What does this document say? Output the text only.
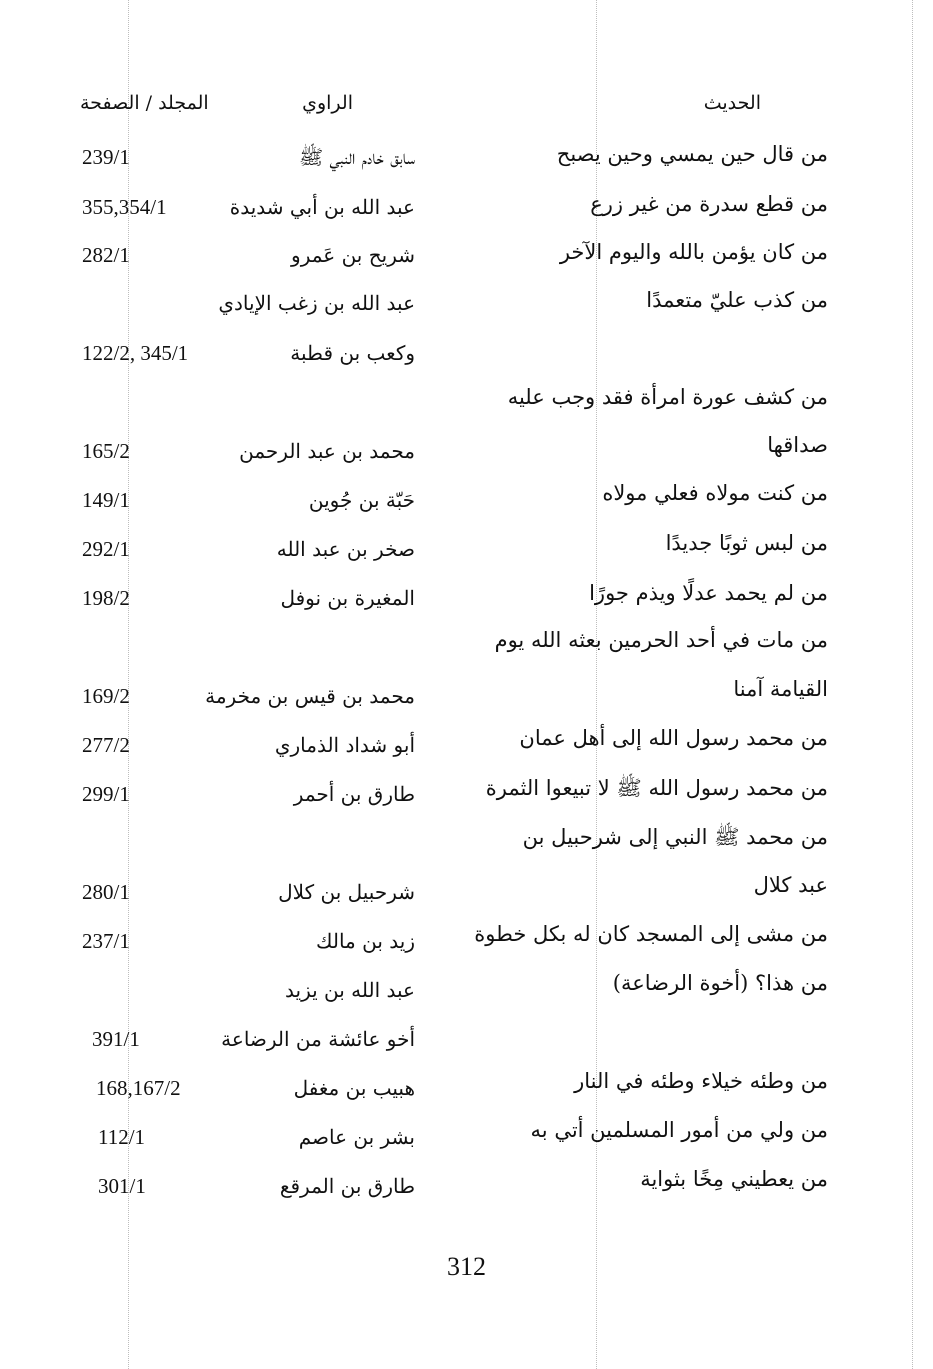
الحديث
الراوي
المجلد / الصفحة
من قال حين يمسي وحين يصبح
من قطع سدرة من غير زرع
من كان يؤمن بالله واليوم الآخر
من كذب عليّ متعمدًا
من كشف عورة امرأة فقد وجب عليه
صداقها
من كنت مولاه فعلي مولاه
من لبس ثوبًا جديدًا
من لم يحمد عدلًا ويذم جورًا
من مات في أحد الحرمين بعثه الله يوم
القيامة آمنا
من محمد رسول الله إلى أهل عمان
من محمد رسول الله ﷺ لا تبيعوا الثمرة
من محمد ﷺ النبي إلى شرحبيل بن
عبد كلال
من مشى إلى المسجد كان له بكل خطوة
من هذا؟ (أخوة الرضاعة)
من وطئه خيلاء وطئه في النار
من ولي من أمور المسلمين أتي به
من يعطيني مِخًا بثواية
سابق خادم النبي ﷺ
عبد الله بن أبي شديدة
شريح بن عَمرو
عبد الله بن زغب الإيادي
وكعب بن قطبة
محمد بن عبد الرحمن
حَبّة بن جُوين
صخر بن عبد الله
المغيرة بن نوفل
محمد بن قيس بن مخرمة
أبو شداد الذماري
طارق بن أحمر
شرحبيل بن كلال
زيد بن مالك
عبد الله بن يزيد
أخو عائشة من الرضاعة
هبيب بن مغفل
بشر بن عاصم
طارق بن المرقع
239/1
355,354/1
282/1
122/2, 345/1
165/2
149/1
292/1
198/2
169/2
277/2
299/1
280/1
237/1
391/1
168,167/2
112/1
301/1
312
